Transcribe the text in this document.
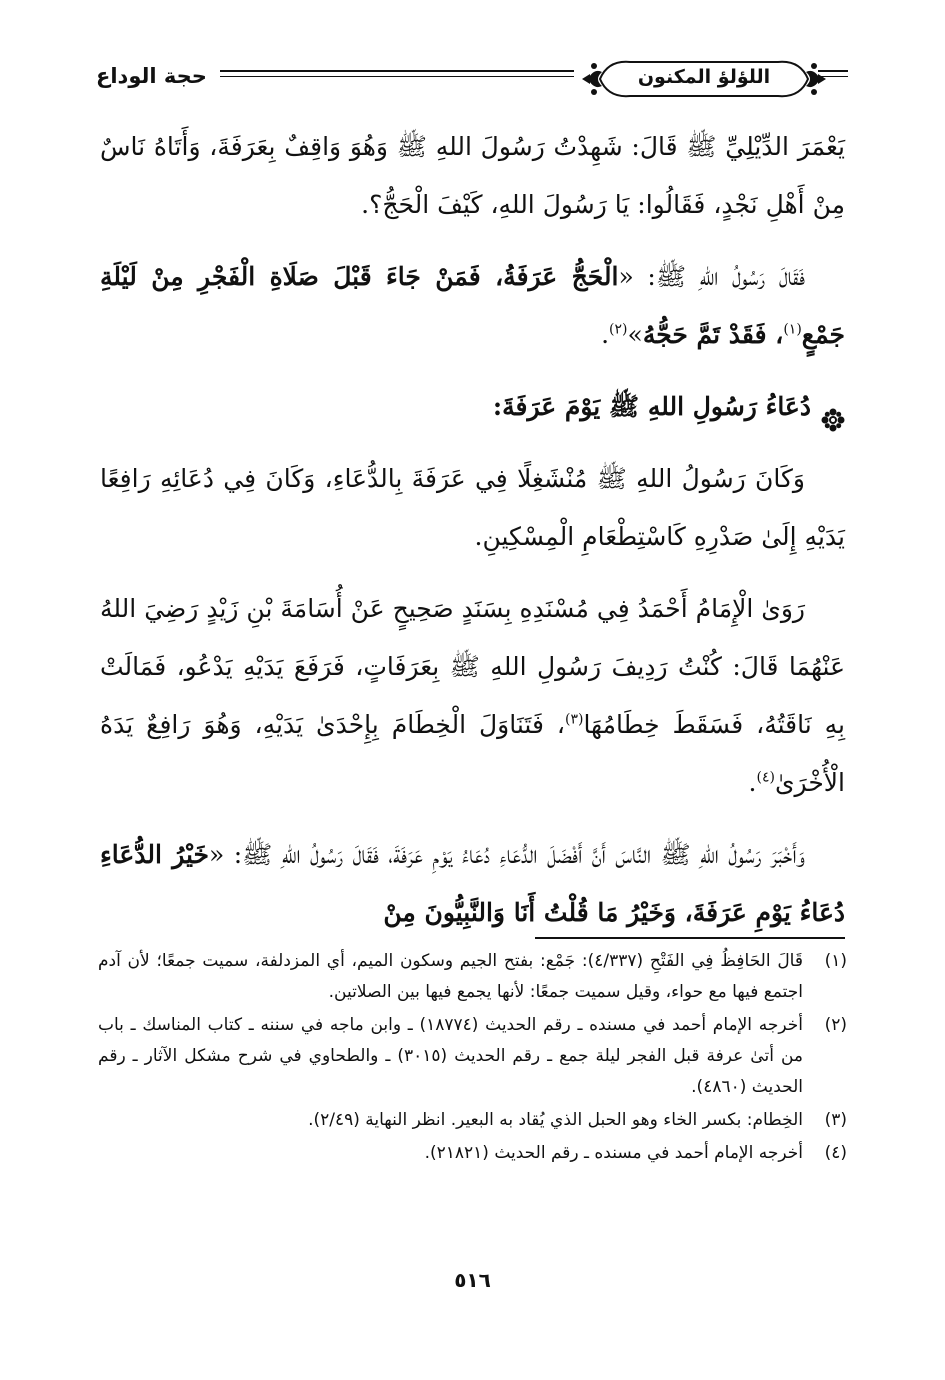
اللؤلؤ المكنون
حجة الوداع

يَعْمَرَ الدِّيْلِيِّ ﷺ قَالَ: شَهِدْتُ رَسُولَ اللهِ ﷺ وَهُوَ وَاقِفٌ بِعَرَفَةَ، وَأَتَاهُ نَاسٌ مِنْ أَهْلِ نَجْدٍ، فَقَالُوا: يَا رَسُولَ اللهِ، كَيْفَ الْحَجُّ؟.

فَقَالَ رَسُولُ اللهِ ﷺ: «الْحَجُّ عَرَفَةُ، فَمَنْ جَاءَ قَبْلَ صَلَاةِ الْفَجْرِ مِنْ لَيْلَةِ جَمْعٍ$^{(١)}$، فَقَدْ تَمَّ حَجُّهُ»$^{(٢)}$.

دُعَاءُ رَسُولِ اللهِ ﷺ يَوْمَ عَرَفَةَ:

وَكَانَ رَسُولُ اللهِ ﷺ مُنْشَغِلًا فِي عَرَفَةَ بِالدُّعَاءِ، وَكَانَ فِي دُعَائِهِ رَافِعًا يَدَيْهِ إِلَىٰ صَدْرِهِ كَاسْتِطْعَامِ الْمِسْكِينِ.

رَوَىٰ الْإِمَامُ أَحْمَدُ فِي مُسْنَدِهِ بِسَنَدٍ صَحِيحٍ عَنْ أُسَامَةَ بْنِ زَيْدٍ رَضِيَ اللهُ عَنْهُمَا قَالَ: كُنْتُ رَدِيفَ رَسُولِ اللهِ ﷺ بِعَرَفَاتٍ، فَرَفَعَ يَدَيْهِ يَدْعُو، فَمَالَتْ بِهِ نَاقَتُهُ، فَسَقَطَ خِطَامُهَا$^{(٣)}$، فَتَنَاوَلَ الْخِطَامَ بِإِحْدَىٰ يَدَيْهِ، وَهُوَ رَافِعٌ يَدَهُ الْأُخْرَىٰ$^{(٤)}$.

وَأَخْبَرَ رَسُولُ اللهِ ﷺ النَّاسَ أَنَّ أَفْضَلَ الدُّعَاءِ دُعَاءُ يَوْمِ عَرَفَةَ، فَقَالَ رَسُولُ اللهِ ﷺ: «خَيْرُ الدُّعَاءِ دُعَاءُ يَوْمِ عَرَفَةَ، وَخَيْرُ مَا قُلْتُ أَنَا وَالنَّبِيُّونَ مِنْ

(١)
قَالَ الحَافِظُ فِي الفَتْحِ (٤/٣٣٧): جَمْع: بفتح الجيم وسكون الميم، أي المزدلفة، سميت جمعًا؛ لأن آدم اجتمع فيها مع حواء، وقيل سميت جمعًا: لأنها يجمع فيها بين الصلاتين.
(٢)
أخرجه الإمام أحمد في مسنده ـ رقم الحديث (١٨٧٧٤) ـ وابن ماجه في سننه ـ كتاب المناسك ـ باب من أتىٰ عرفة قبل الفجر ليلة جمع ـ رقم الحديث (٣٠١٥) ـ والطحاوي في شرح مشكل الآثار ـ رقم الحديث (٤٨٦٠).
(٣)
الخِطام: بكسر الخاء وهو الحبل الذي يُقاد به البعير. انظر النهاية (٢/٤٩).
(٤)
أخرجه الإمام أحمد في مسنده ـ رقم الحديث (٢١٨٢١).
٥١٦
